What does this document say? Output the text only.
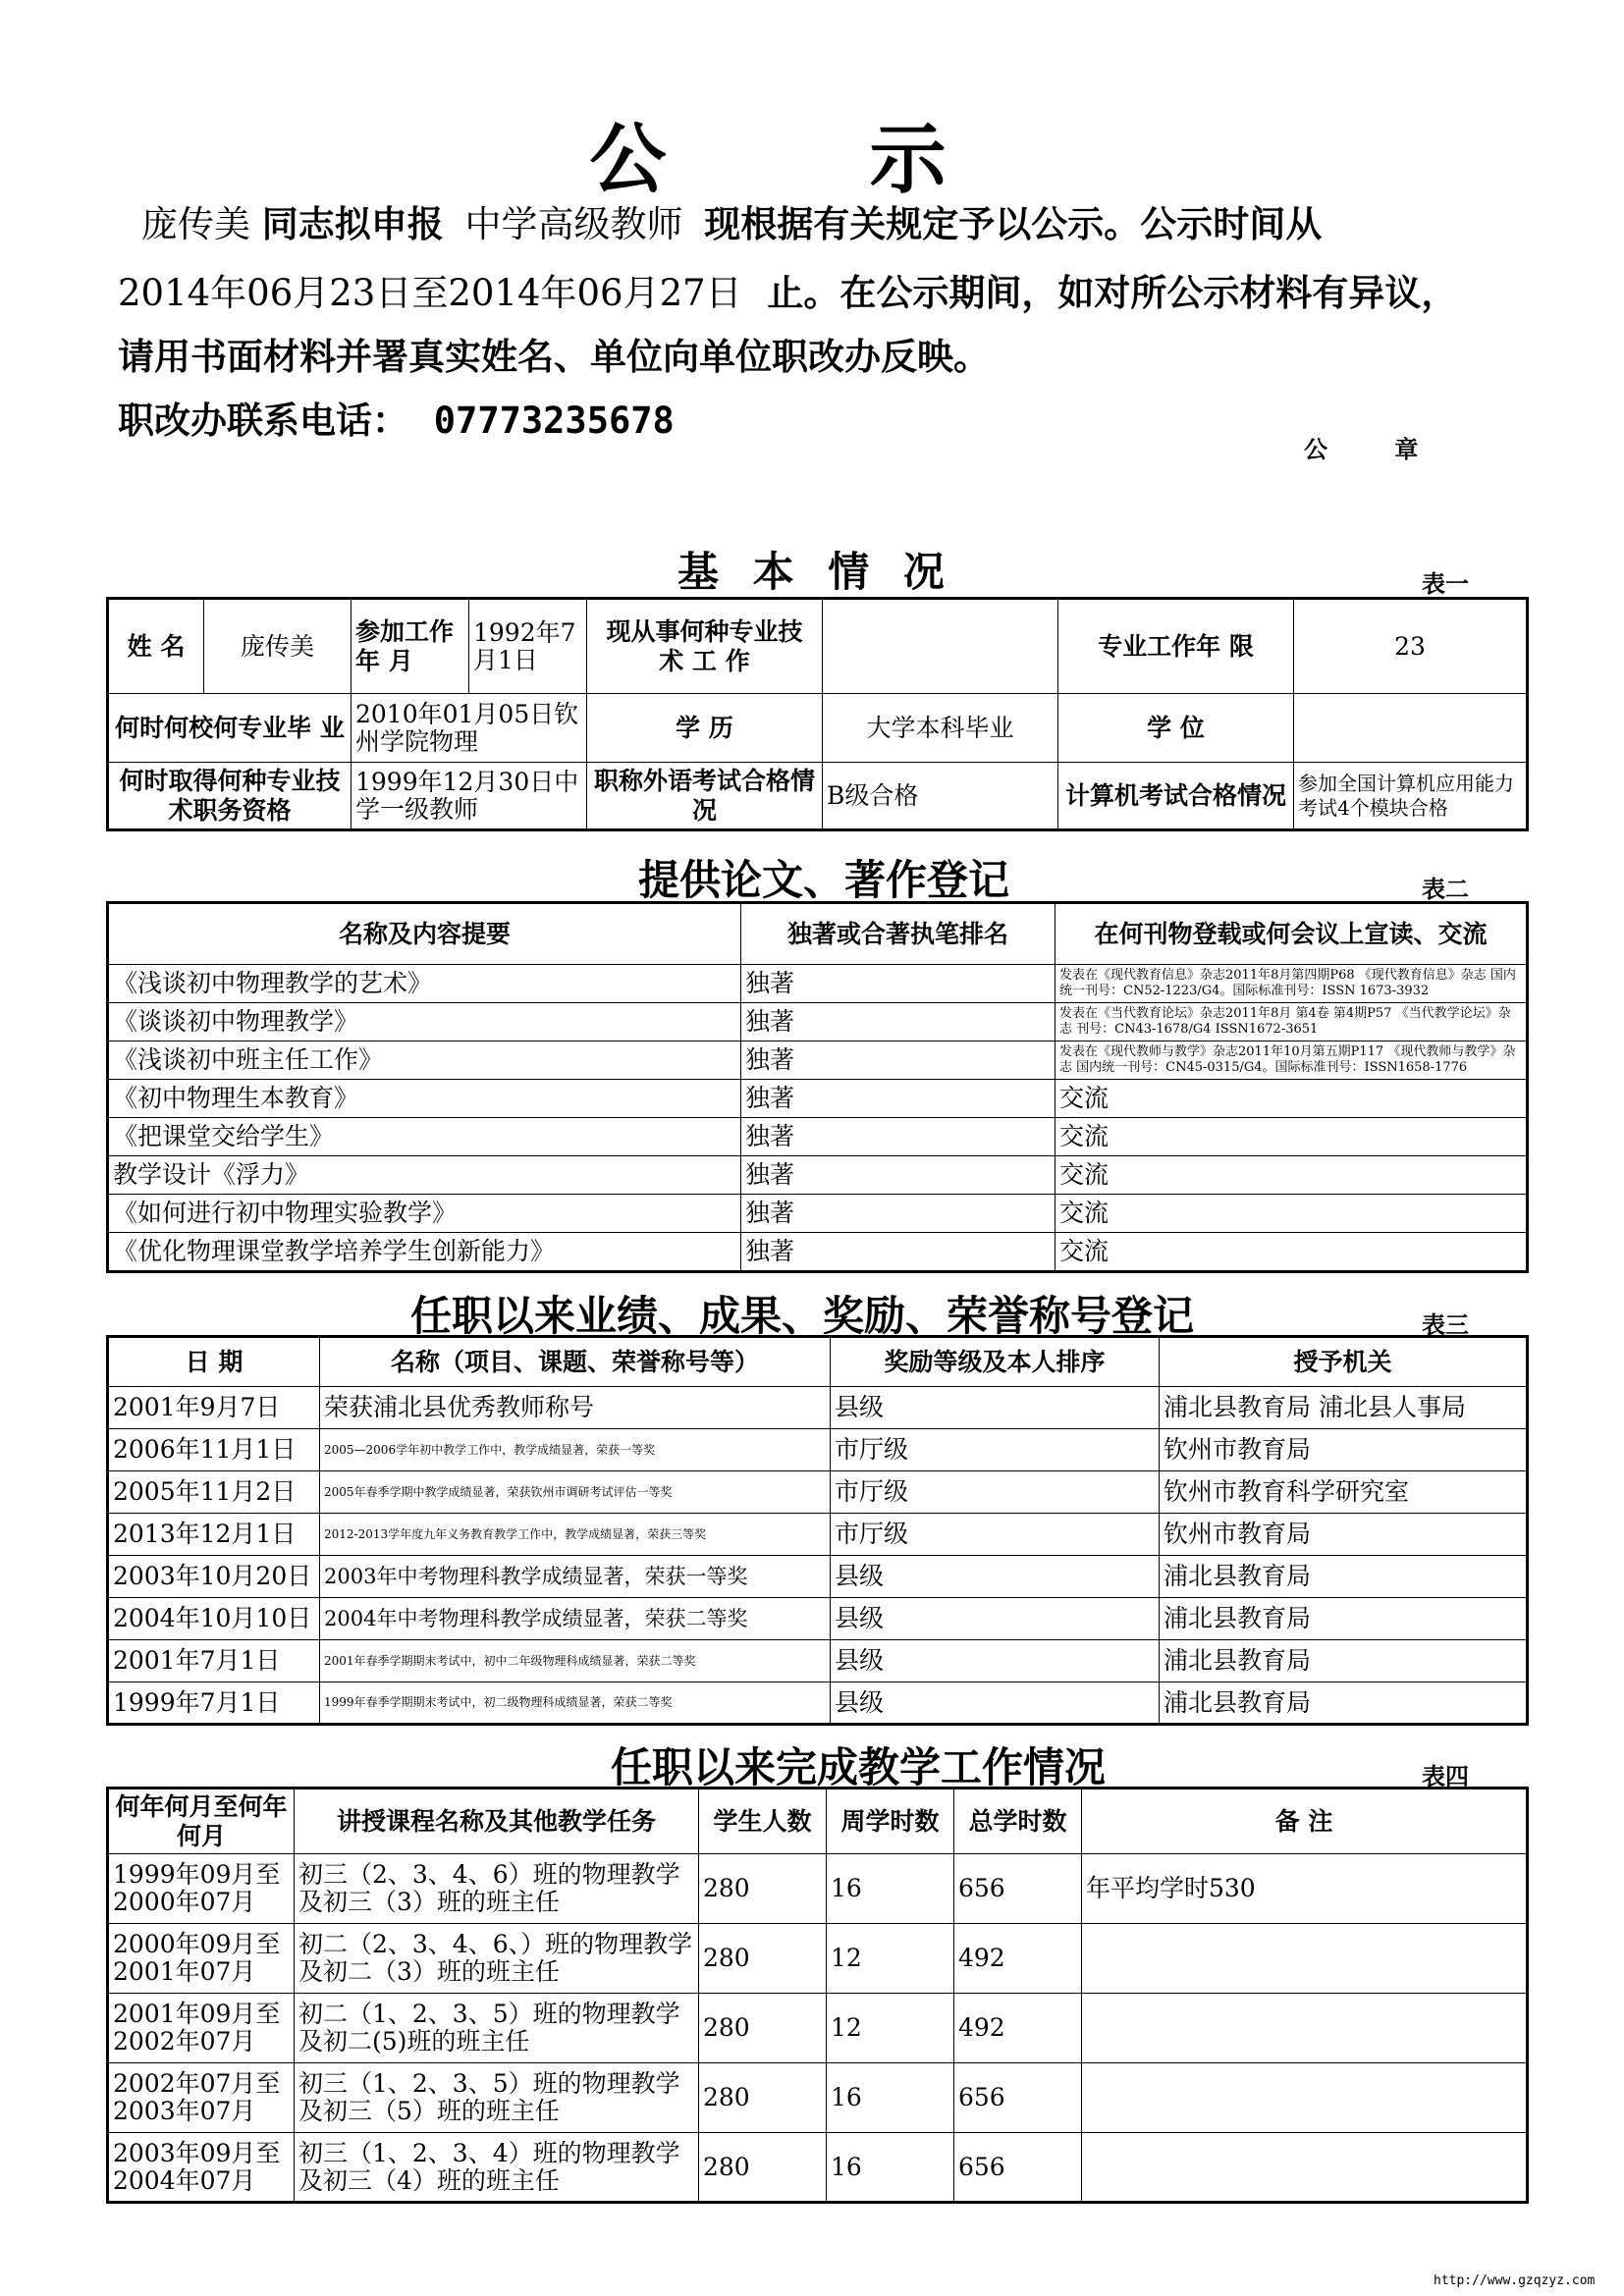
公 示
庞传美 同志拟申报 中学高级教师 现根据有关规定予以公示。公示时间从
2014年06月23日至2014年06月27日 止。在公示期间，如对所公示材料有异议，
请用书面材料并署真实姓名、单位向单位职改办反映。
职改办联系电话： 07773235678
公 章
基 本 情 况	表一
姓 名	庞传美	参加工作年 月	1992年7月1日	现从事何种专业技 术 工 作		专业工作年 限	23
何时何校何专业毕 业		2010年01月05日钦州学院物理		学 历	大学本科毕业	学 位	
何时取得何种专业技术职务资格		1999年12月30日中学一级教师		职称外语考试合格情况	B级合格	计算机考试合格情况	参加全国计算机应用能力考试4个模块合格
提供论文、著作登记	表二
名称及内容提要	独著或合著执笔排名	在何刊物登载或何会议上宣读、交流
《浅谈初中物理教学的艺术》	独著	发表在《现代教育信息》杂志2011年8月第四期P68 《现代教育信息》杂志 国内统一刊号：CN52-1223/G4。国际标准刊号：ISSN 1673-3932
《谈谈初中物理教学》	独著	发表在《当代教育论坛》杂志2011年8月 第4卷 第4期P57 《当代教学论坛》杂志 刊号：CN43-1678/G4 ISSN1672-3651
《浅谈初中班主任工作》	独著	发表在《现代教师与教学》杂志2011年10月第五期P117 《现代教师与教学》杂志 国内统一刊号：CN45-0315/G4。国际标准刊号：ISSN1658-1776
《初中物理生本教育》	独著	交流
《把课堂交给学生》	独著	交流
教学设计《浮力》	独著	交流
《如何进行初中物理实验教学》	独著	交流
《优化物理课堂教学培养学生创新能力》	独著	交流
任职以来业绩、成果、奖励、荣誉称号登记	表三
日 期	名称（项目、课题、荣誉称号等）	奖励等级及本人排序	授予机关
2001年9月7日	荣获浦北县优秀教师称号	县级	浦北县教育局 浦北县人事局
2006年11月1日	2005—2006学年初中教学工作中，教学成绩显著，荣获一等奖	市厅级	钦州市教育局
2005年11月2日	2005年春季学期中教学成绩显著，荣获钦州市调研考试评估一等奖	市厅级	钦州市教育科学研究室
2013年12月1日	2012-2013学年度九年义务教育教学工作中，教学成绩显著，荣获三等奖	市厅级	钦州市教育局
2003年10月20日	2003年中考物理科教学成绩显著，荣获一等奖	县级	浦北县教育局
2004年10月10日	2004年中考物理科教学成绩显著，荣获二等奖	县级	浦北县教育局
2001年7月1日	2001年春季学期期末考试中，初中二年级物理科成绩显著，荣获二等奖	县级	浦北县教育局
1999年7月1日	1999年春季学期期末考试中，初二级物理科成绩显著，荣获二等奖	县级	浦北县教育局
任职以来完成教学工作情况	表四
何年何月至何年何月	讲授课程名称及其他教学任务	学生人数	周学时数	总学时数	备 注
1999年09月至2000年07月	初三（2、3、4、6）班的物理教学及初三（3）班的班主任	280	16	656	年平均学时530
2000年09月至2001年07月	初二（2、3、4、6、）班的物理教学及初二（3）班的班主任	280	12	492	
2001年09月至2002年07月	初二（1、2、3、5）班的物理教学及初二(5)班的班主任	280	12	492	
2002年07月至2003年07月	初三（1、2、3、5）班的物理教学及初三（5）班的班主任	280	16	656	
2003年09月至2004年07月	初三（1、2、3、4）班的物理教学及初三（4）班的班主任	280	16	656	
http://www.gzqzyz.com
